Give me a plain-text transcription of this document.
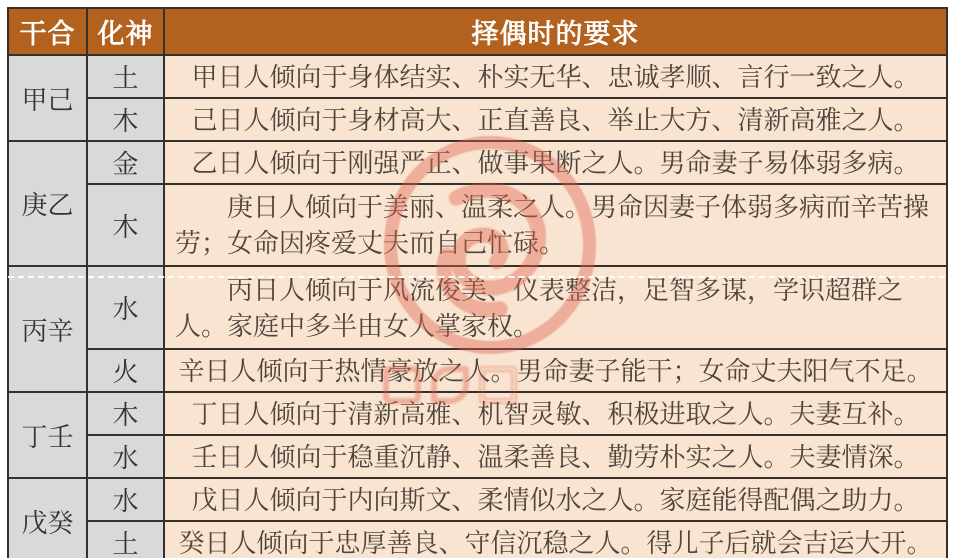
干合	化神	择偶时的要求
甲己	土	甲日人倾向于身体结实、朴实无华、忠诚孝顺、言行一致之人。
	木	己日人倾向于身材高大、正直善良、举止大方、清新高雅之人。
庚乙	金	乙日人倾向于刚强严正、做事果断之人。男命妻子易体弱多病。
	木	庚日人倾向于美丽、温柔之人。男命因妻子体弱多病而辛苦操劳；女命因疼爱丈夫而自己忙碌。
丙辛	水	丙日人倾向于风流俊美、仪表整洁，足智多谋，学识超群之人。家庭中多半由女人掌家权。
	火	辛日人倾向于热情豪放之人。男命妻子能干；女命丈夫阳气不足。
丁壬	木	丁日人倾向于清新高雅、机智灵敏、积极进取之人。夫妻互补。
	水	壬日人倾向于稳重沉静、温柔善良、勤劳朴实之人。夫妻情深。
戊癸	水	戊日人倾向于内向斯文、柔情似水之人。家庭能得配偶之助力。
	土	癸日人倾向于忠厚善良、守信沉稳之人。得儿子后就会吉运大开。
